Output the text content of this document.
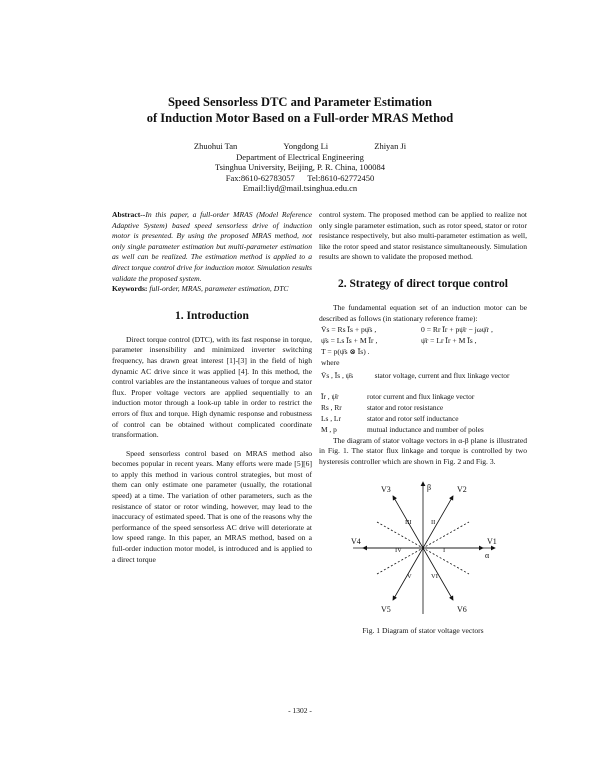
Speed Sensorless DTC and Parameter Estimation
of Induction Motor Based on a Full-order MRAS Method
Zhuohui Tan	Yongdong Li	Zhiyan Ji
Department of Electrical Engineering
Tsinghua University, Beijing, P. R. China, 100084
Fax:8610-62783057      Tel:8610-62772450
Email:liyd@mail.tsinghua.edu.cn

Abstract--In this paper, a full-order MRAS (Model Reference Adaptive System) based speed sensorless drive of induction motor is presented. By using the proposed MRAS method, not only single parameter estimation but multi-parameter estimation as well can be realized. The estimation method is applied to a direct torque control drive for induction motor. Simulation results validate the proposed system.

Keywords: full-order, MRAS, parameter estimation, DTC

1. Introduction

Direct torque control (DTC), with its fast response in torque, parameter insensibility and minimized inverter switching frequency, has drawn great interest [1]-[3] in the field of high dynamic AC drive since it was applied [4]. In this method, the control variables are the instantaneous values of torque and stator flux. Proper voltage vectors are applied sequentially to an induction motor through a look-up table in order to restrict the errors of flux and torque. High dynamic response and robustness of control can be obtained without complicated coordinate transformation.

Speed sensorless control based on MRAS method also becomes popular in recent years. Many efforts were made [5][6] to apply this method in various control strategies, but most of them can only estimate one parameter (usually, the rotational speed) at a time. The variation of other parameters, such as the resistance of stator or rotor winding, however, may lead to the inaccuracy of estimated speed. That is one of the reasons why the performance of the speed sensorless AC drive will deteriorate at low speed range. In this paper, an MRAS method, based on a full-order induction motor model, is introduced and is applied to a direct torque

control system. The proposed method can be applied to realize not only single parameter estimation, such as rotor speed, stator or rotor resistance respectively, but also multi-parameter estimation as well, like the rotor speed and stator resistance simultaneously. Simulation results are shown to validate the proposed method.

2. Strategy of direct torque control

The fundamental equation set of an induction motor can be described as follows (in stationary reference frame):

V̄s = Rs Īs + pψ̄s ,	0 = Rr Īr + pψ̄r − jωψ̄r ,
ψ̄s = Ls Īs + M Īr ,	ψ̄r = Lr Īr + M Īs ,
T = p(ψ̄s ⊗ Īs) .
where
V̄s , Īs , ψ̄s	stator voltage, current and flux linkage vector
Īr , ψ̄r	rotor current and flux linkage vector
Rs , Rr	stator and rotor resistance
Ls , Lr	stator and rotor self inductance
M , p	mutual inductance and number of poles

The diagram of stator voltage vectors in α-β plane is illustrated in Fig. 1. The stator flux linkage and torque is controlled by two hysteresis controller which are shown in Fig. 2 and Fig. 3.

β
α
V1
V2
V3
V4
V5	V6
I
II
III
IV
V	VI
Fig. 1 Diagram of stator voltage vectors
- 1302 -
